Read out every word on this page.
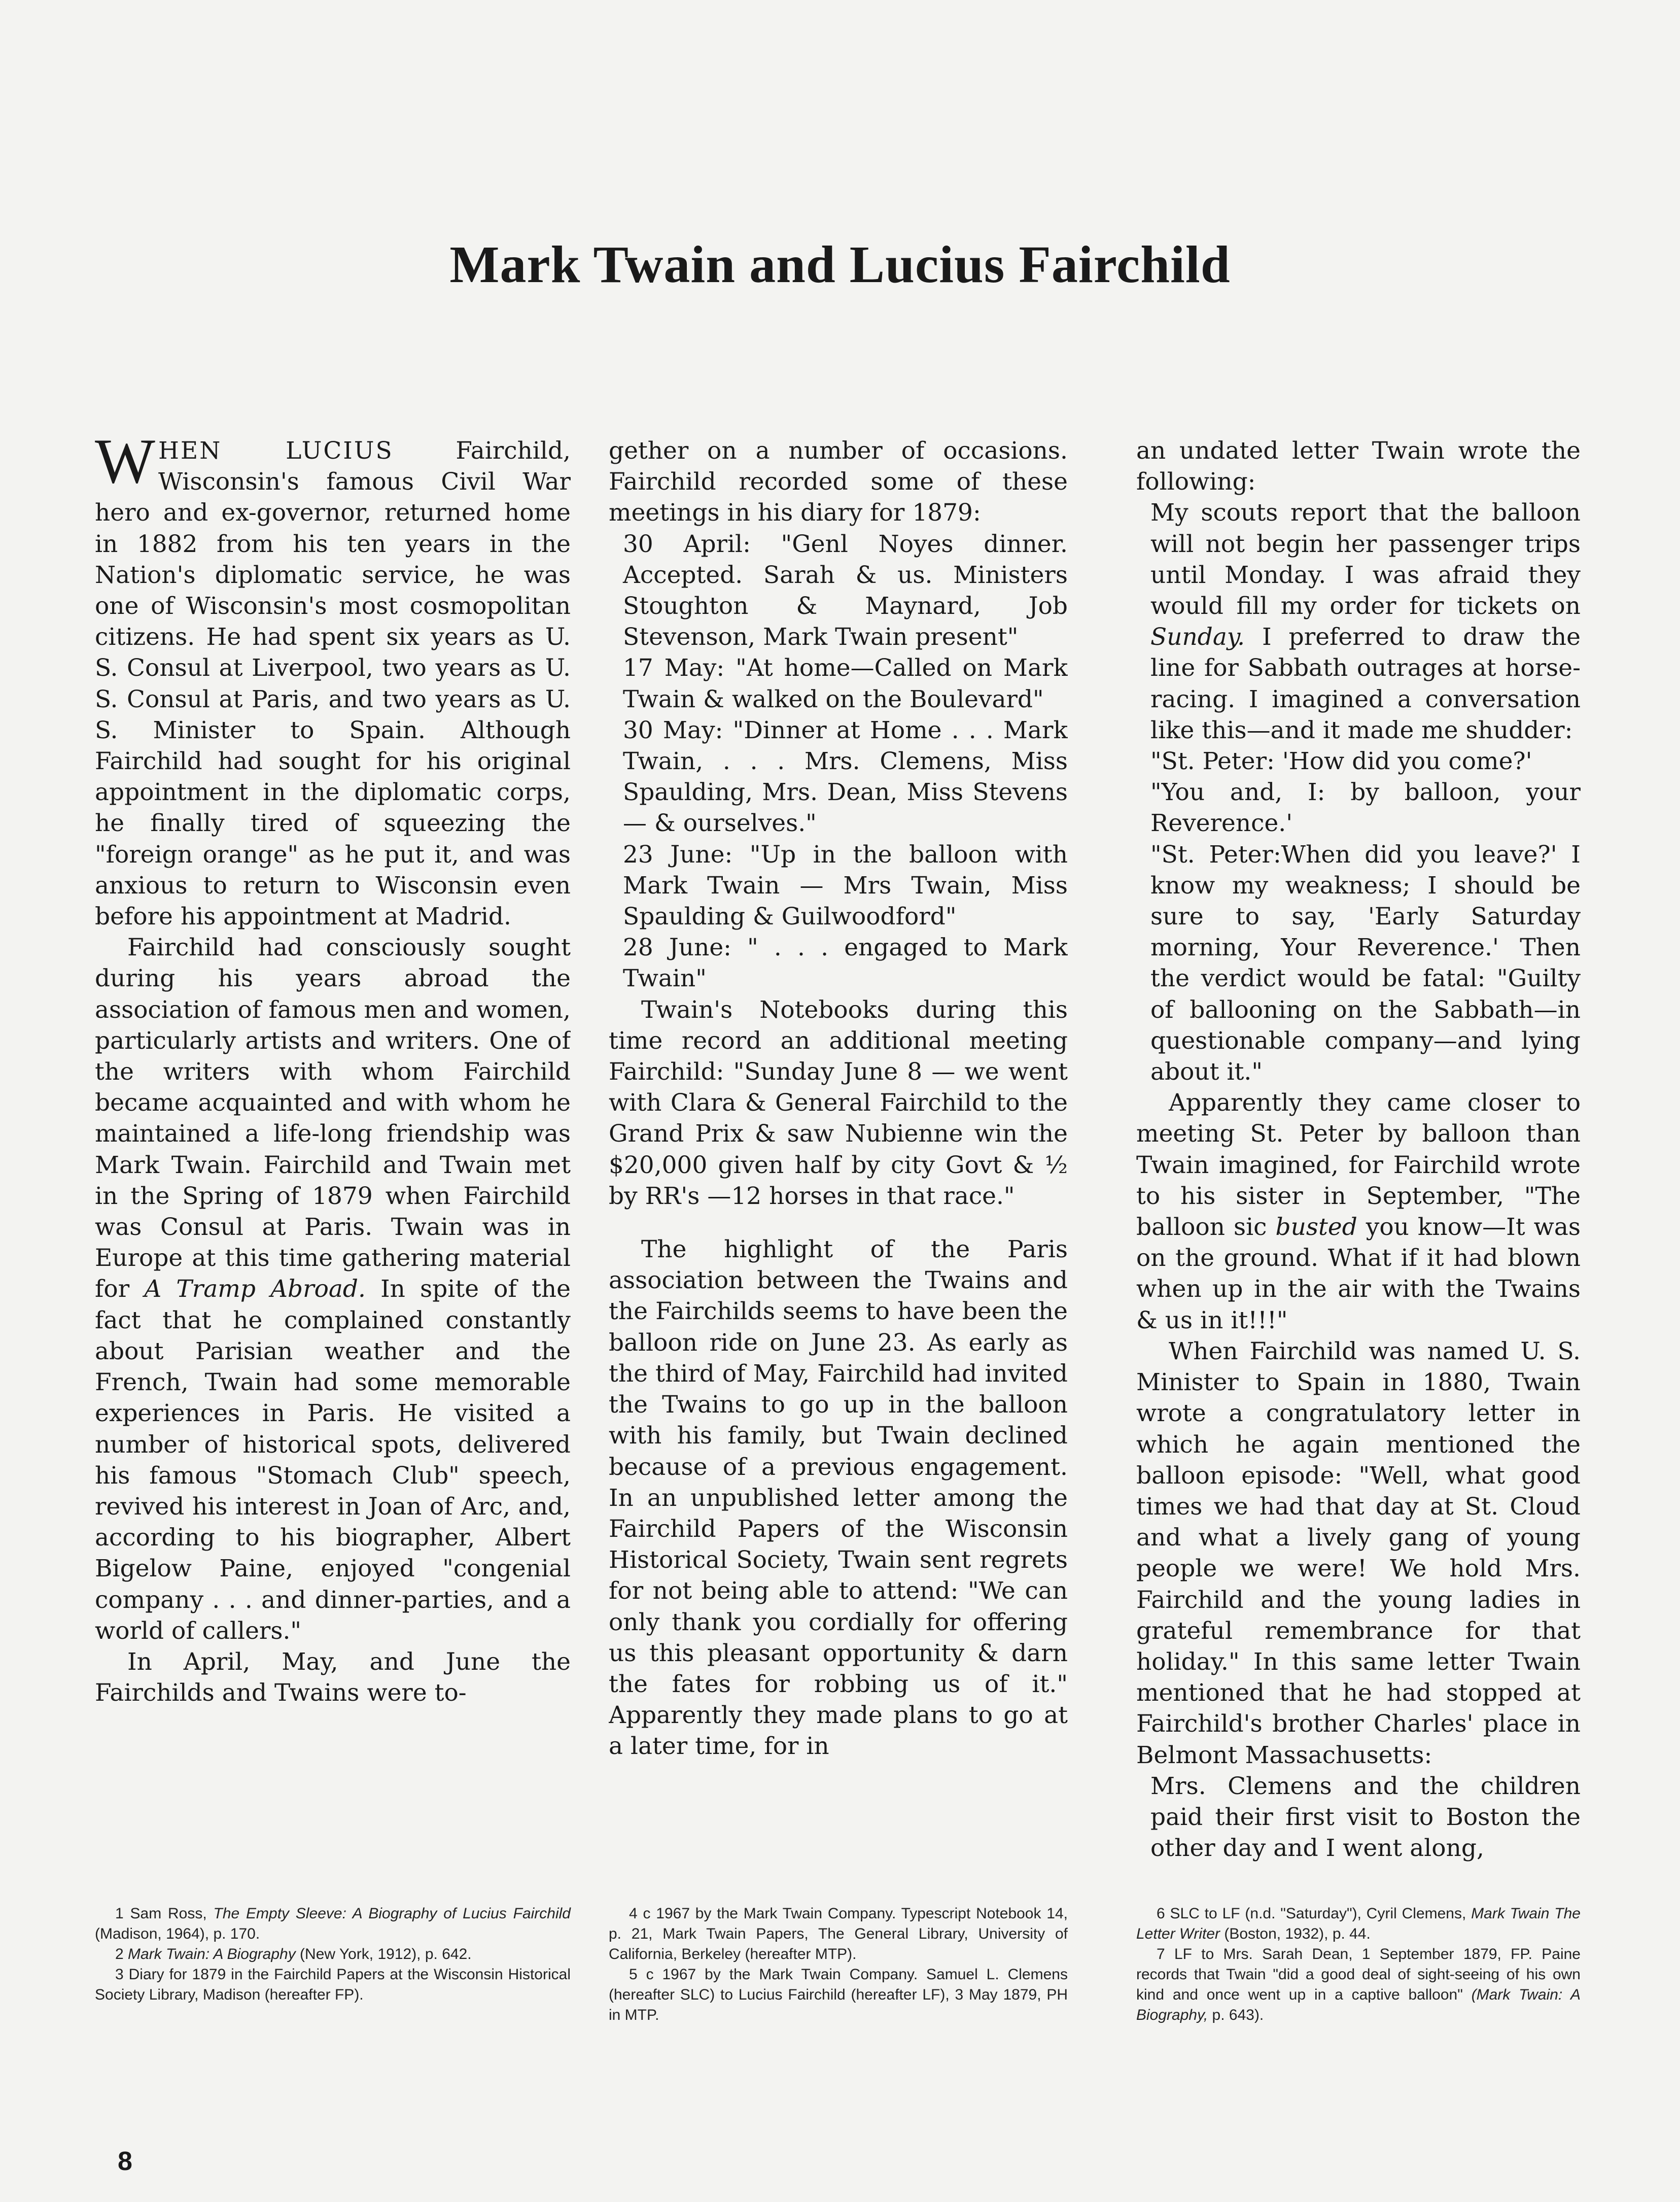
Mark Twain and Lucius Fairchild

WHEN LUCIUS Fairchild, Wisconsin's famous Civil War hero and ex-governor, returned home in 1882 from his ten years in the Nation's diplomatic service, he was one of Wisconsin's most cosmopolitan citizens. He had spent six years as U. S. Consul at Liverpool, two years as U. S. Consul at Paris, and two years as U. S. Minister to Spain. Although Fairchild had sought for his original appointment in the diplomatic corps, he finally tired of squeezing the "foreign orange" as he put it, and was anxious to return to Wisconsin even before his appointment at Madrid.

Fairchild had consciously sought during his years abroad the association of famous men and women, particularly artists and writers. One of the writers with whom Fairchild became acquainted and with whom he maintained a life-long friendship was Mark Twain. Fairchild and Twain met in the Spring of 1879 when Fairchild was Consul at Paris. Twain was in Europe at this time gathering material for A Tramp Abroad. In spite of the fact that he complained constantly about Parisian weather and the French, Twain had some memorable experiences in Paris. He visited a number of historical spots, delivered his famous "Stomach Club" speech, revived his interest in Joan of Arc, and, according to his biographer, Albert Bigelow Paine, enjoyed "congenial company . . . and dinner-parties, and a world of callers."

In April, May, and June the Fairchilds and Twains were to-

gether on a number of occasions. Fairchild recorded some of these meetings in his diary for 1879:

30 April: "Genl Noyes dinner. Accepted. Sarah & us. Ministers Stoughton & Maynard, Job Stevenson, Mark Twain present"

17 May: "At home—Called on Mark Twain & walked on the Boulevard"

30 May: "Dinner at Home . . . Mark Twain, . . . Mrs. Clemens, Miss Spaulding, Mrs. Dean, Miss Stevens — & ourselves."

23 June: "Up in the balloon with Mark Twain — Mrs Twain, Miss Spaulding & Guilwoodford"

28 June: " . . . engaged to Mark Twain"

Twain's Notebooks during this time record an additional meeting Fairchild: "Sunday June 8 — we went with Clara & General Fairchild to the Grand Prix & saw Nubienne win the $20,000 given half by city Govt & ½ by RR's —12 horses in that race."

The highlight of the Paris association between the Twains and the Fairchilds seems to have been the balloon ride on June 23. As early as the third of May, Fairchild had invited the Twains to go up in the balloon with his family, but Twain declined because of a previous engagement. In an unpublished letter among the Fairchild Papers of the Wisconsin Historical Society, Twain sent regrets for not being able to attend: "We can only thank you cordially for offering us this pleasant opportunity & darn the fates for robbing us of it." Apparently they made plans to go at a later time, for in

an undated letter Twain wrote the following:

My scouts report that the balloon will not begin her passenger trips until Monday. I was afraid they would fill my order for tickets on Sunday. I preferred to draw the line for Sabbath outrages at horse-racing. I imagined a conversation like this—and it made me shudder:

"St. Peter: 'How did you come?'

"You and, I: by balloon, your Reverence.'

"St. Peter:When did you leave?' I know my weakness; I should be sure to say, 'Early Saturday morning, Your Reverence.' Then the verdict would be fatal: "Guilty of ballooning on the Sabbath—in questionable company—and lying about it."

Apparently they came closer to meeting St. Peter by balloon than Twain imagined, for Fairchild wrote to his sister in September, "The balloon sic busted you know—It was on the ground. What if it had blown when up in the air with the Twains & us in it!!!"

When Fairchild was named U. S. Minister to Spain in 1880, Twain wrote a congratulatory letter in which he again mentioned the balloon episode: "Well, what good times we had that day at St. Cloud and what a lively gang of young people we were! We hold Mrs. Fairchild and the young ladies in grateful remembrance for that holiday." In this same letter Twain mentioned that he had stopped at Fairchild's brother Charles' place in Belmont Massachusetts:

Mrs. Clemens and the children paid their first visit to Boston the other day and I went along,

1 Sam Ross, The Empty Sleeve: A Biography of Lucius Fairchild (Madison, 1964), p. 170.

2 Mark Twain: A Biography (New York, 1912), p. 642.

3 Diary for 1879 in the Fairchild Papers at the Wisconsin Historical Society Library, Madison (hereafter FP).

4 c 1967 by the Mark Twain Company. Typescript Notebook 14, p. 21, Mark Twain Papers, The General Library, University of California, Berkeley (hereafter MTP).

5 c 1967 by the Mark Twain Company. Samuel L. Clemens (hereafter SLC) to Lucius Fairchild (hereafter LF), 3 May 1879, PH in MTP.

6 SLC to LF (n.d. "Saturday"), Cyril Clemens, Mark Twain The Letter Writer (Boston, 1932), p. 44.

7 LF to Mrs. Sarah Dean, 1 September 1879, FP. Paine records that Twain "did a good deal of sight-seeing of his own kind and once went up in a captive balloon" (Mark Twain: A Biography, p. 643).

8
